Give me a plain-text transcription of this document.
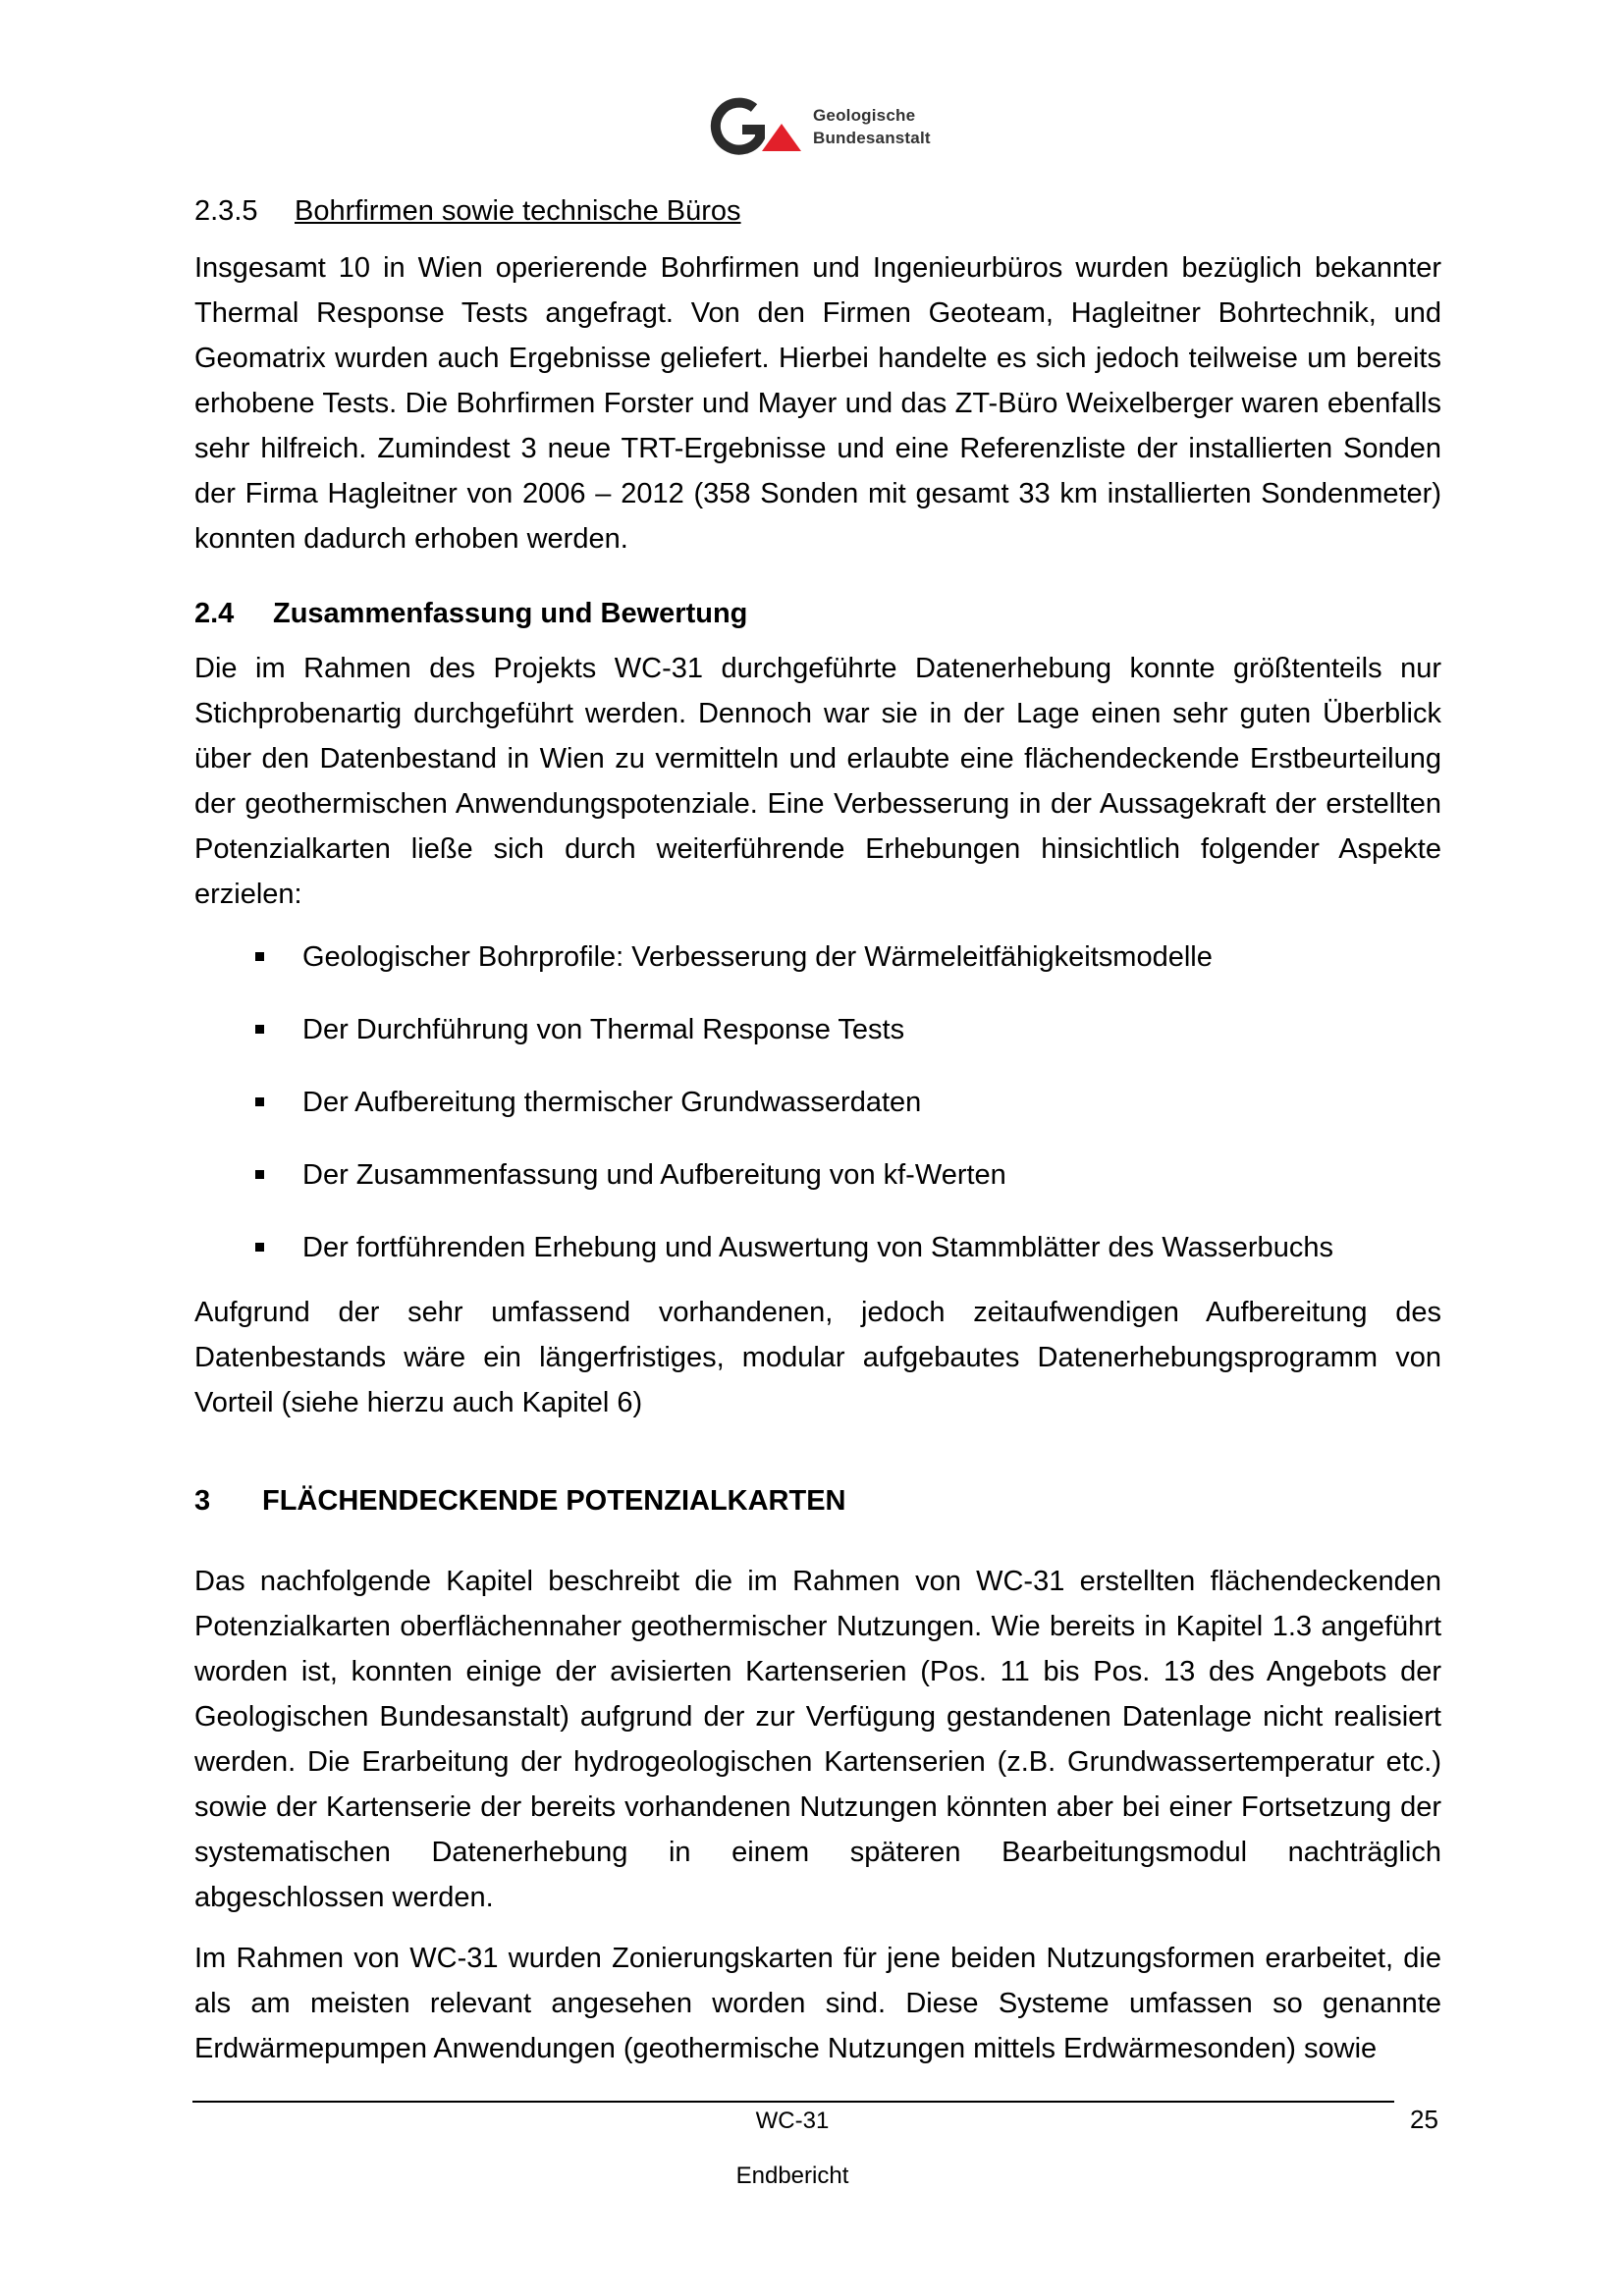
Geologische
Bundesanstalt
2.3.5 Bohrfirmen sowie technische Büros

Insgesamt 10 in Wien operierende Bohrfirmen und Ingenieurbüros wurden bezüglich bekannter Thermal Response Tests angefragt. Von den Firmen Geoteam, Hagleitner Bohrtechnik, und Geomatrix wurden auch Ergebnisse geliefert. Hierbei handelte es sich jedoch teilweise um bereits erhobene Tests. Die Bohrfirmen Forster und Mayer und das ZT-Büro Weixelberger waren ebenfalls sehr hilfreich. Zumindest 3 neue TRT-Ergebnisse und eine Referenzliste der installierten Sonden der Firma Hagleitner von 2006 – 2012 (358 Sonden mit gesamt 33 km installierten Sondenmeter) konnten dadurch erhoben werden.

2.4 Zusammenfassung und Bewertung

Die im Rahmen des Projekts WC-31 durchgeführte Datenerhebung konnte größtenteils nur Stichprobenartig durchgeführt werden. Dennoch war sie in der Lage einen sehr guten Überblick über den Datenbestand in Wien zu vermitteln und erlaubte eine flächendeckende Erstbeurteilung der geothermischen Anwendungspotenziale. Eine Verbesserung in der Aussagekraft der erstellten Potenzialkarten ließe sich durch weiterführende Erhebungen hinsichtlich folgender Aspekte erzielen:

Geologischer Bohrprofile: Verbesserung der Wärmeleitfähigkeitsmodelle
Der Durchführung von Thermal Response Tests
Der Aufbereitung thermischer Grundwasserdaten
Der Zusammenfassung und Aufbereitung von kf-Werten
Der fortführenden Erhebung und Auswertung von Stammblätter des Wasserbuchs

Aufgrund der sehr umfassend vorhandenen, jedoch zeitaufwendigen Aufbereitung des Datenbestands wäre ein längerfristiges, modular aufgebautes Datenerhebungsprogramm von Vorteil (siehe hierzu auch Kapitel 6)

3 FLÄCHENDECKENDE POTENZIALKARTEN

Das nachfolgende Kapitel beschreibt die im Rahmen von WC-31 erstellten flächendeckenden Potenzialkarten oberflächennaher geothermischer Nutzungen. Wie bereits in Kapitel 1.3 angeführt worden ist, konnten einige der avisierten Kartenserien (Pos. 11 bis Pos. 13 des Angebots der Geologischen Bundesanstalt) aufgrund der zur Verfügung gestandenen Datenlage nicht realisiert werden. Die Erarbeitung der hydrogeologischen Kartenserien (z.B. Grundwassertemperatur etc.) sowie der Kartenserie der bereits vorhandenen Nutzungen könnten aber bei einer Fortsetzung der systematischen Datenerhebung in einem späteren Bearbeitungsmodul nachträglich abgeschlossen werden.

Im Rahmen von WC-31 wurden Zonierungskarten für jene beiden Nutzungsformen erarbeitet, die als am meisten relevant angesehen worden sind. Diese Systeme umfassen so genannte Erdwärmepumpen Anwendungen (geothermische Nutzungen mittels Erdwärmesonden) sowie

WC-31	25
Endbericht
